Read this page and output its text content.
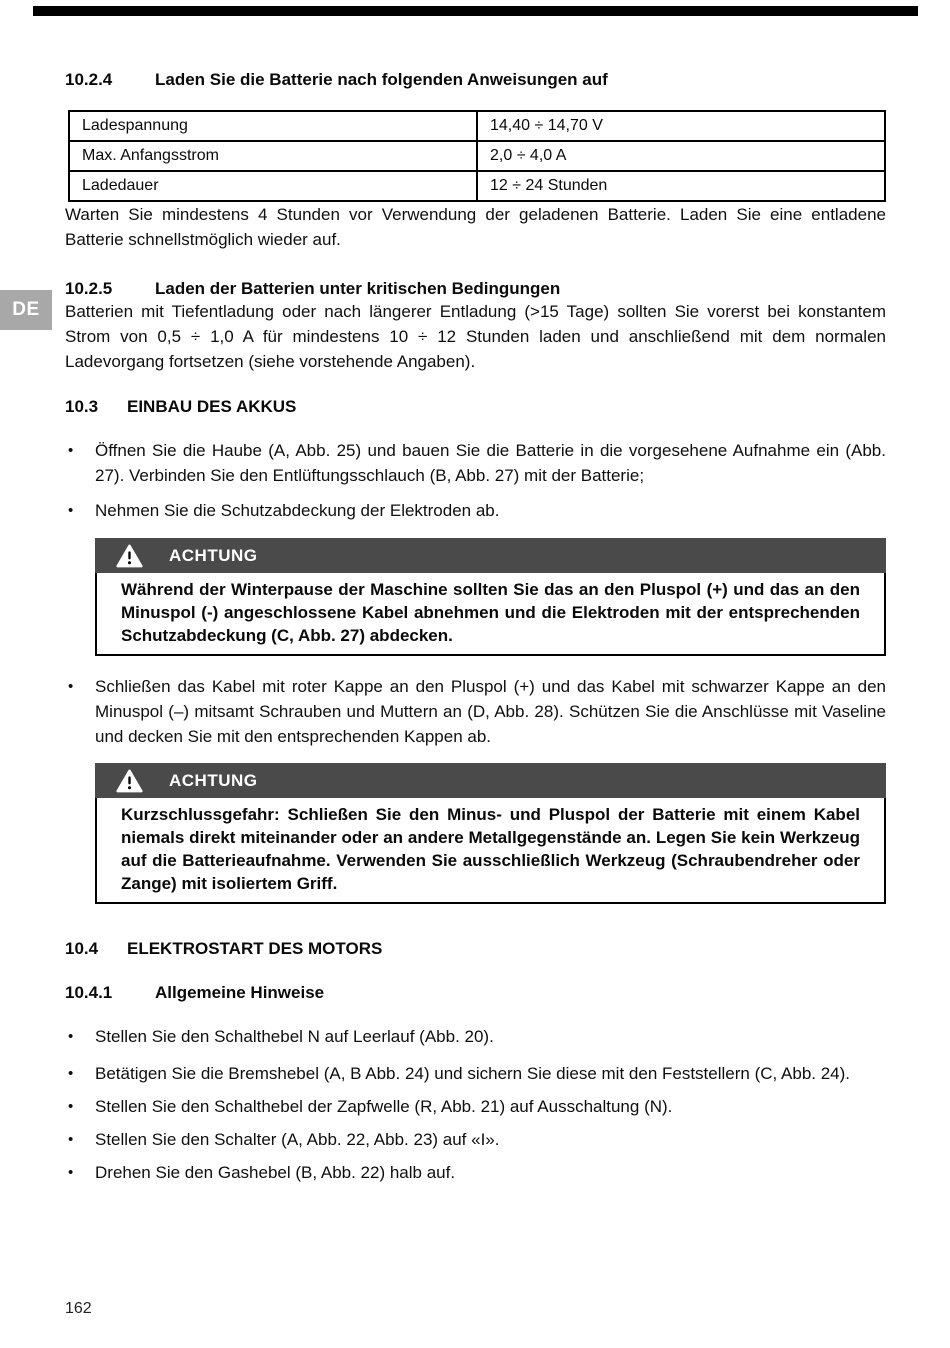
DE
10.2.4	Laden Sie die Batterie nach folgenden Anweisungen auf
Ladespannung	14,40 ÷ 14,70 V
Max. Anfangsstrom	2,0 ÷ 4,0 A
Ladedauer	12 ÷ 24 Stunden

Warten Sie mindestens 4 Stunden vor Verwendung der geladenen Batterie. Laden Sie eine entladene Batterie schnellstmöglich wieder auf.

10.2.5	Laden der Batterien unter kritischen Bedingungen

Batterien mit Tiefentladung oder nach längerer Entladung (>15 Tage) sollten Sie vorerst bei konstantem Strom von 0,5 ÷ 1,0 A für mindestens 10 ÷ 12 Stunden laden und anschließend mit dem normalen Ladevorgang fortsetzen (siehe vorstehende Angaben).

10.3	EINBAU DES AKKUS
• Öffnen Sie die Haube (A, Abb. 25) und bauen Sie die Batterie in die vorgesehene Aufnahme ein (Abb. 27). Verbinden Sie den Entlüftungsschlauch (B, Abb. 27) mit der Batterie;
• Nehmen Sie die Schutzabdeckung der Elektroden ab.
ACHTUNG
Während der Winterpause der Maschine sollten Sie das an den Pluspol (+) und das an den Minuspol (-) angeschlossene Kabel abnehmen und die Elektroden mit der entsprechenden Schutzabdeckung (C, Abb. 27) abdecken.
• Schließen das Kabel mit roter Kappe an den Pluspol (+) und das Kabel mit schwarzer Kappe an den Minuspol (–) mitsamt Schrauben und Muttern an (D, Abb. 28). Schützen Sie die Anschlüsse mit Vaseline und decken Sie mit den entsprechenden Kappen ab.
ACHTUNG
Kurzschlussgefahr: Schließen Sie den Minus- und Pluspol der Batterie mit einem Kabel niemals direkt miteinander oder an andere Metallgegenstände an. Legen Sie kein Werkzeug auf die Batterieaufnahme. Verwenden Sie ausschließlich Werkzeug (Schraubendreher oder Zange) mit isoliertem Griff.
10.4	ELEKTROSTART DES MOTORS
10.4.1	Allgemeine Hinweise
• Stellen Sie den Schalthebel N auf Leerlauf (Abb. 20).
• Betätigen Sie die Bremshebel (A, B Abb. 24) und sichern Sie diese mit den Feststellern (C, Abb. 24).
• Stellen Sie den Schalthebel der Zapfwelle (R, Abb. 21) auf Ausschaltung (N).
• Stellen Sie den Schalter (A, Abb. 22, Abb. 23) auf «I».
• Drehen Sie den Gashebel (B, Abb. 22) halb auf.
162
